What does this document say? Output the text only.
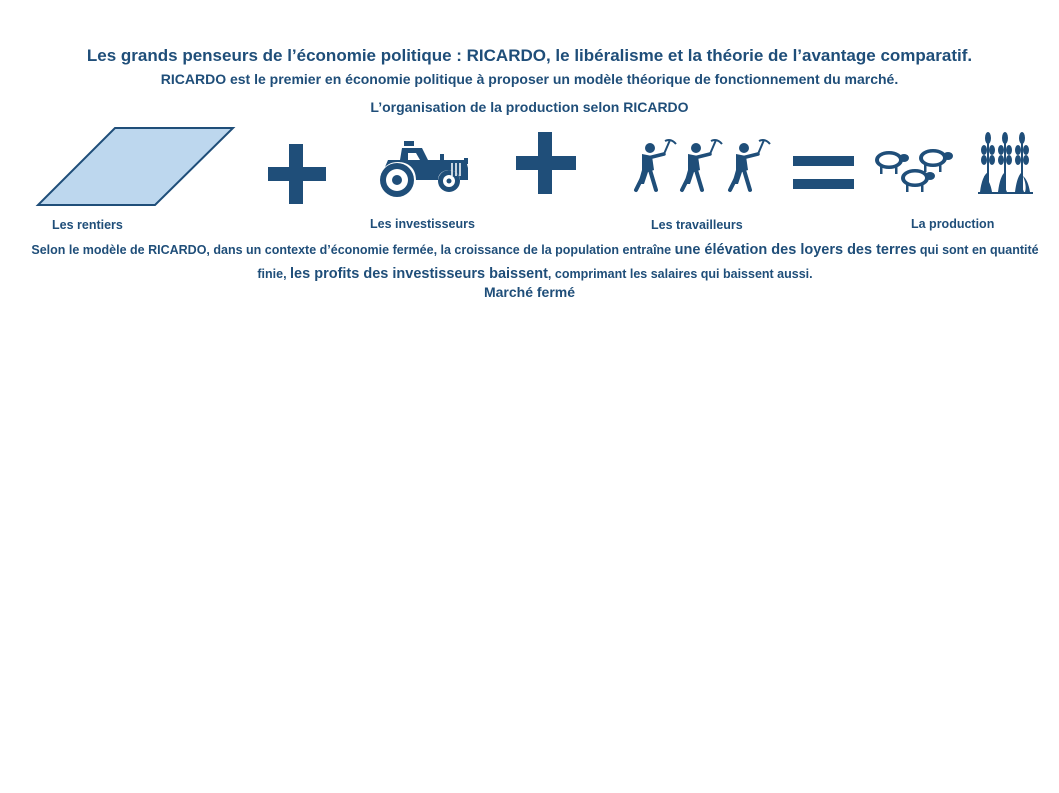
Les grands penseurs de l’économie politique : RICARDO, le libéralisme et la théorie de l’avantage comparatif.
RICARDO est le premier en économie politique à proposer un modèle théorique de fonctionnement du marché.
L’organisation de la production selon RICARDO
Les rentiers	Les investisseurs	Les travailleurs	La production
Selon le modèle de RICARDO, dans un contexte d’économie fermée, la croissance de la population entraîne une élévation des loyers des terres qui sont en quantité finie, les profits des investisseurs baissent, comprimant les salaires qui baissent aussi.
Marché fermé
